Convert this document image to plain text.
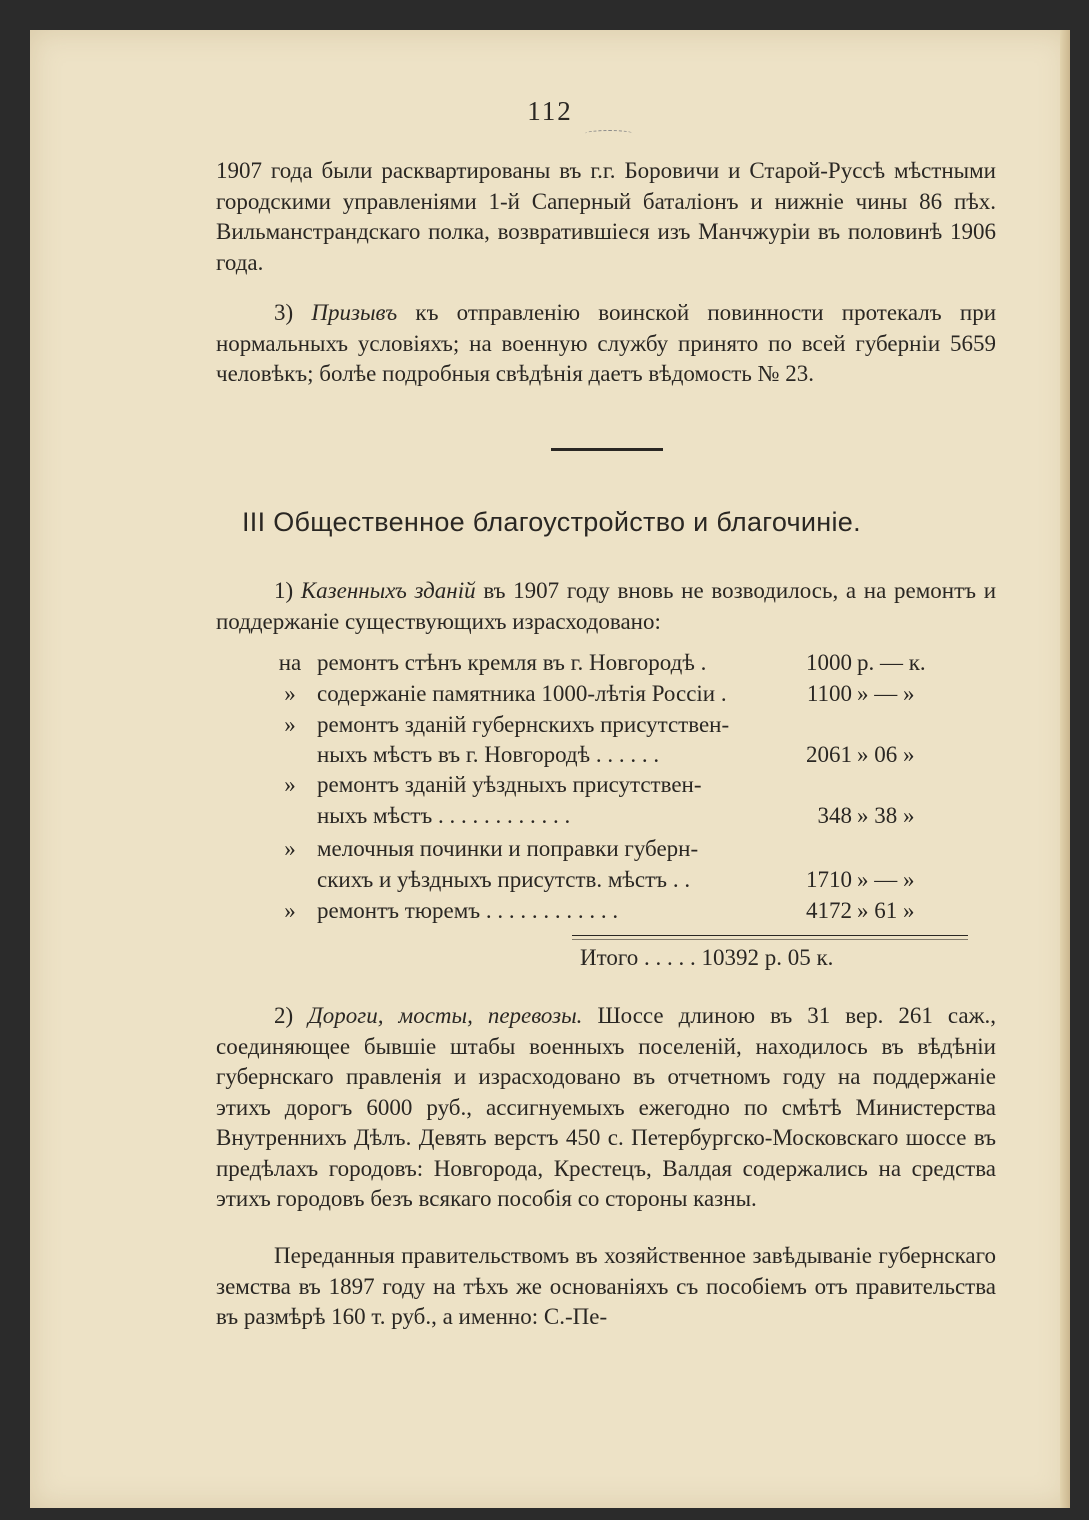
112
1907 года были расквартированы въ г.г. Боровичи и Старой-Руссѣ мѣстными городскими управленіями 1-й Саперный баталіонъ и нижніе чины 86 пѣх. Вильманстрандскаго полка, возвратившіеся изъ Манчжуріи въ половинѣ 1906 года.
3) Призывъ къ отправленію воинской повинности протекалъ при нормальныхъ условіяхъ; на военную службу принято по всей губерніи 5659 человѣкъ; болѣе подробныя свѣдѣнія даетъ вѣдомость № 23.
III Общественное благоустройство и благочиніе.
1) Казенныхъ зданій въ 1907 году вновь не возводилось, а на ремонтъ и поддержаніе существующихъ израсходовано:
на ремонтъ стѣнъ кремля въ г. Новгородѣ .	1000 р. — к.
» содержаніе памятника 1000-лѣтія Россіи .	1100 » — »
» ремонтъ зданій губернскихъ присутствен-
ныхъ мѣстъ въ г. Новгородѣ . . . . . .	2061 » 06 »
» ремонтъ зданій уѣздныхъ присутствен-
ныхъ мѣстъ . . . . . . . . . . . .	348 » 38 »
» мелочныя починки и поправки губерн-
скихъ и уѣздныхъ присутств. мѣстъ . .	1710 » — »
» ремонтъ тюремъ . . . . . . . . . . . .	4172 » 61 »
Итого . . . . . 10392 р. 05 к.
2) Дороги, мосты, перевозы. Шоссе длиною въ 31 вер. 261 саж., соединяющее бывшіе штабы военныхъ поселеній, находилось въ вѣдѣніи губернскаго правленія и израсходовано въ отчетномъ году на поддержаніе этихъ дорогъ 6000 руб., ассигнуемыхъ ежегодно по смѣтѣ Министерства Внутреннихъ Дѣлъ. Девять верстъ 450 с. Петербургско-Московскаго шоссе въ предѣлахъ городовъ: Новгорода, Крестецъ, Валдая содержались на средства этихъ городовъ безъ всякаго пособія со стороны казны.
Переданныя правительствомъ въ хозяйственное завѣдываніе губернскаго земства въ 1897 году на тѣхъ же основаніяхъ съ пособіемъ отъ правительства въ размѣрѣ 160 т. руб., а именно: С.-Пе-
